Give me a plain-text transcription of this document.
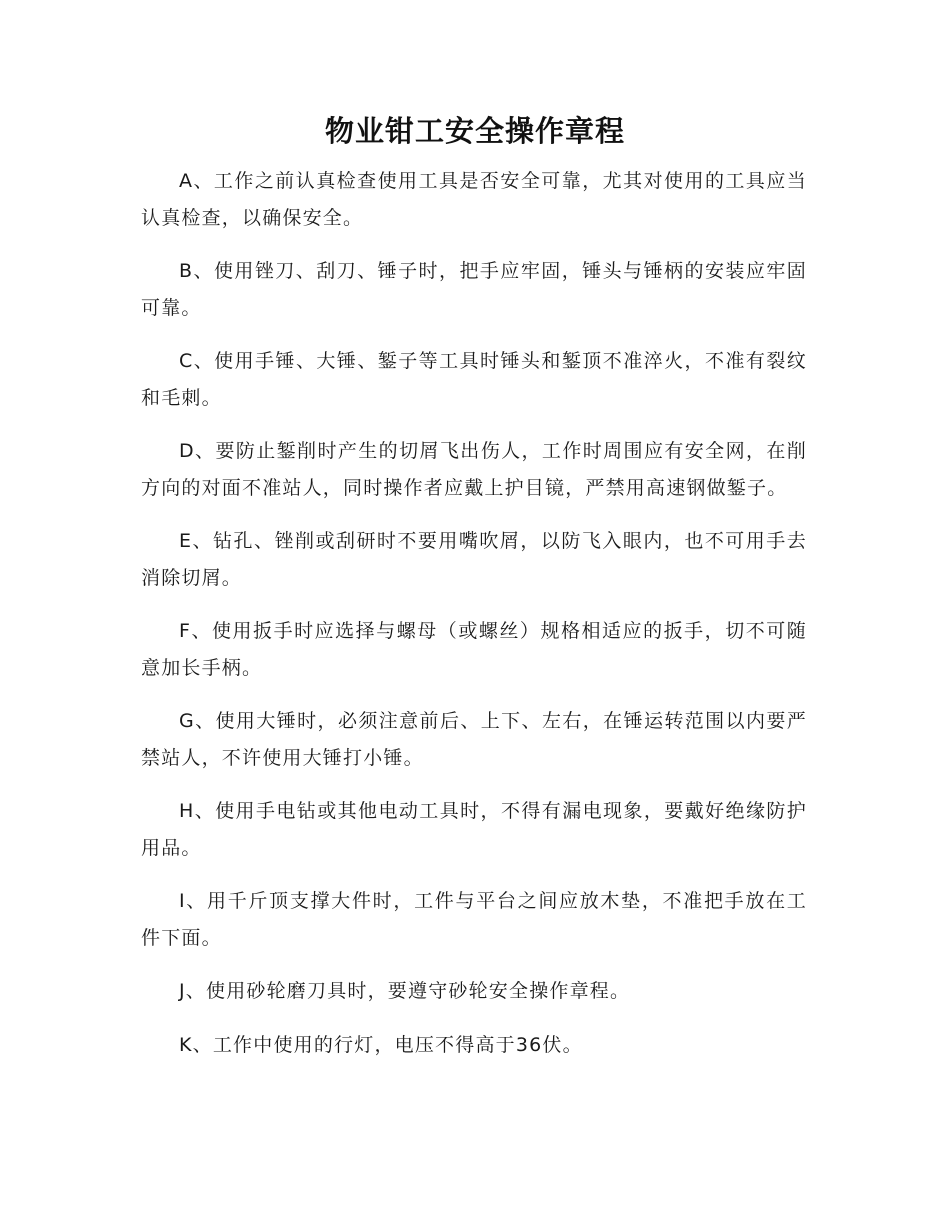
物业钳工安全操作章程

A、工作之前认真检查使用工具是否安全可靠，尤其对使用的工具应当认真检查，以确保安全。

B、使用锉刀、刮刀、锤子时，把手应牢固，锤头与锤柄的安装应牢固可靠。

C、使用手锤、大锤、錾子等工具时锤头和錾顶不准淬火，不准有裂纹和毛刺。

D、要防止錾削时产生的切屑飞出伤人，工作时周围应有安全网，在削方向的对面不准站人，同时操作者应戴上护目镜，严禁用高速钢做錾子。

E、钻孔、锉削或刮研时不要用嘴吹屑，以防飞入眼内，也不可用手去消除切屑。

F、使用扳手时应选择与螺母（或螺丝）规格相适应的扳手，切不可随意加长手柄。

G、使用大锤时，必须注意前后、上下、左右，在锤运转范围以内要严禁站人，不许使用大锤打小锤。

H、使用手电钻或其他电动工具时，不得有漏电现象，要戴好绝缘防护用品。

I、用千斤顶支撑大件时，工件与平台之间应放木垫，不准把手放在工件下面。

J、使用砂轮磨刀具时，要遵守砂轮安全操作章程。

K、工作中使用的行灯，电压不得高于36伏。
